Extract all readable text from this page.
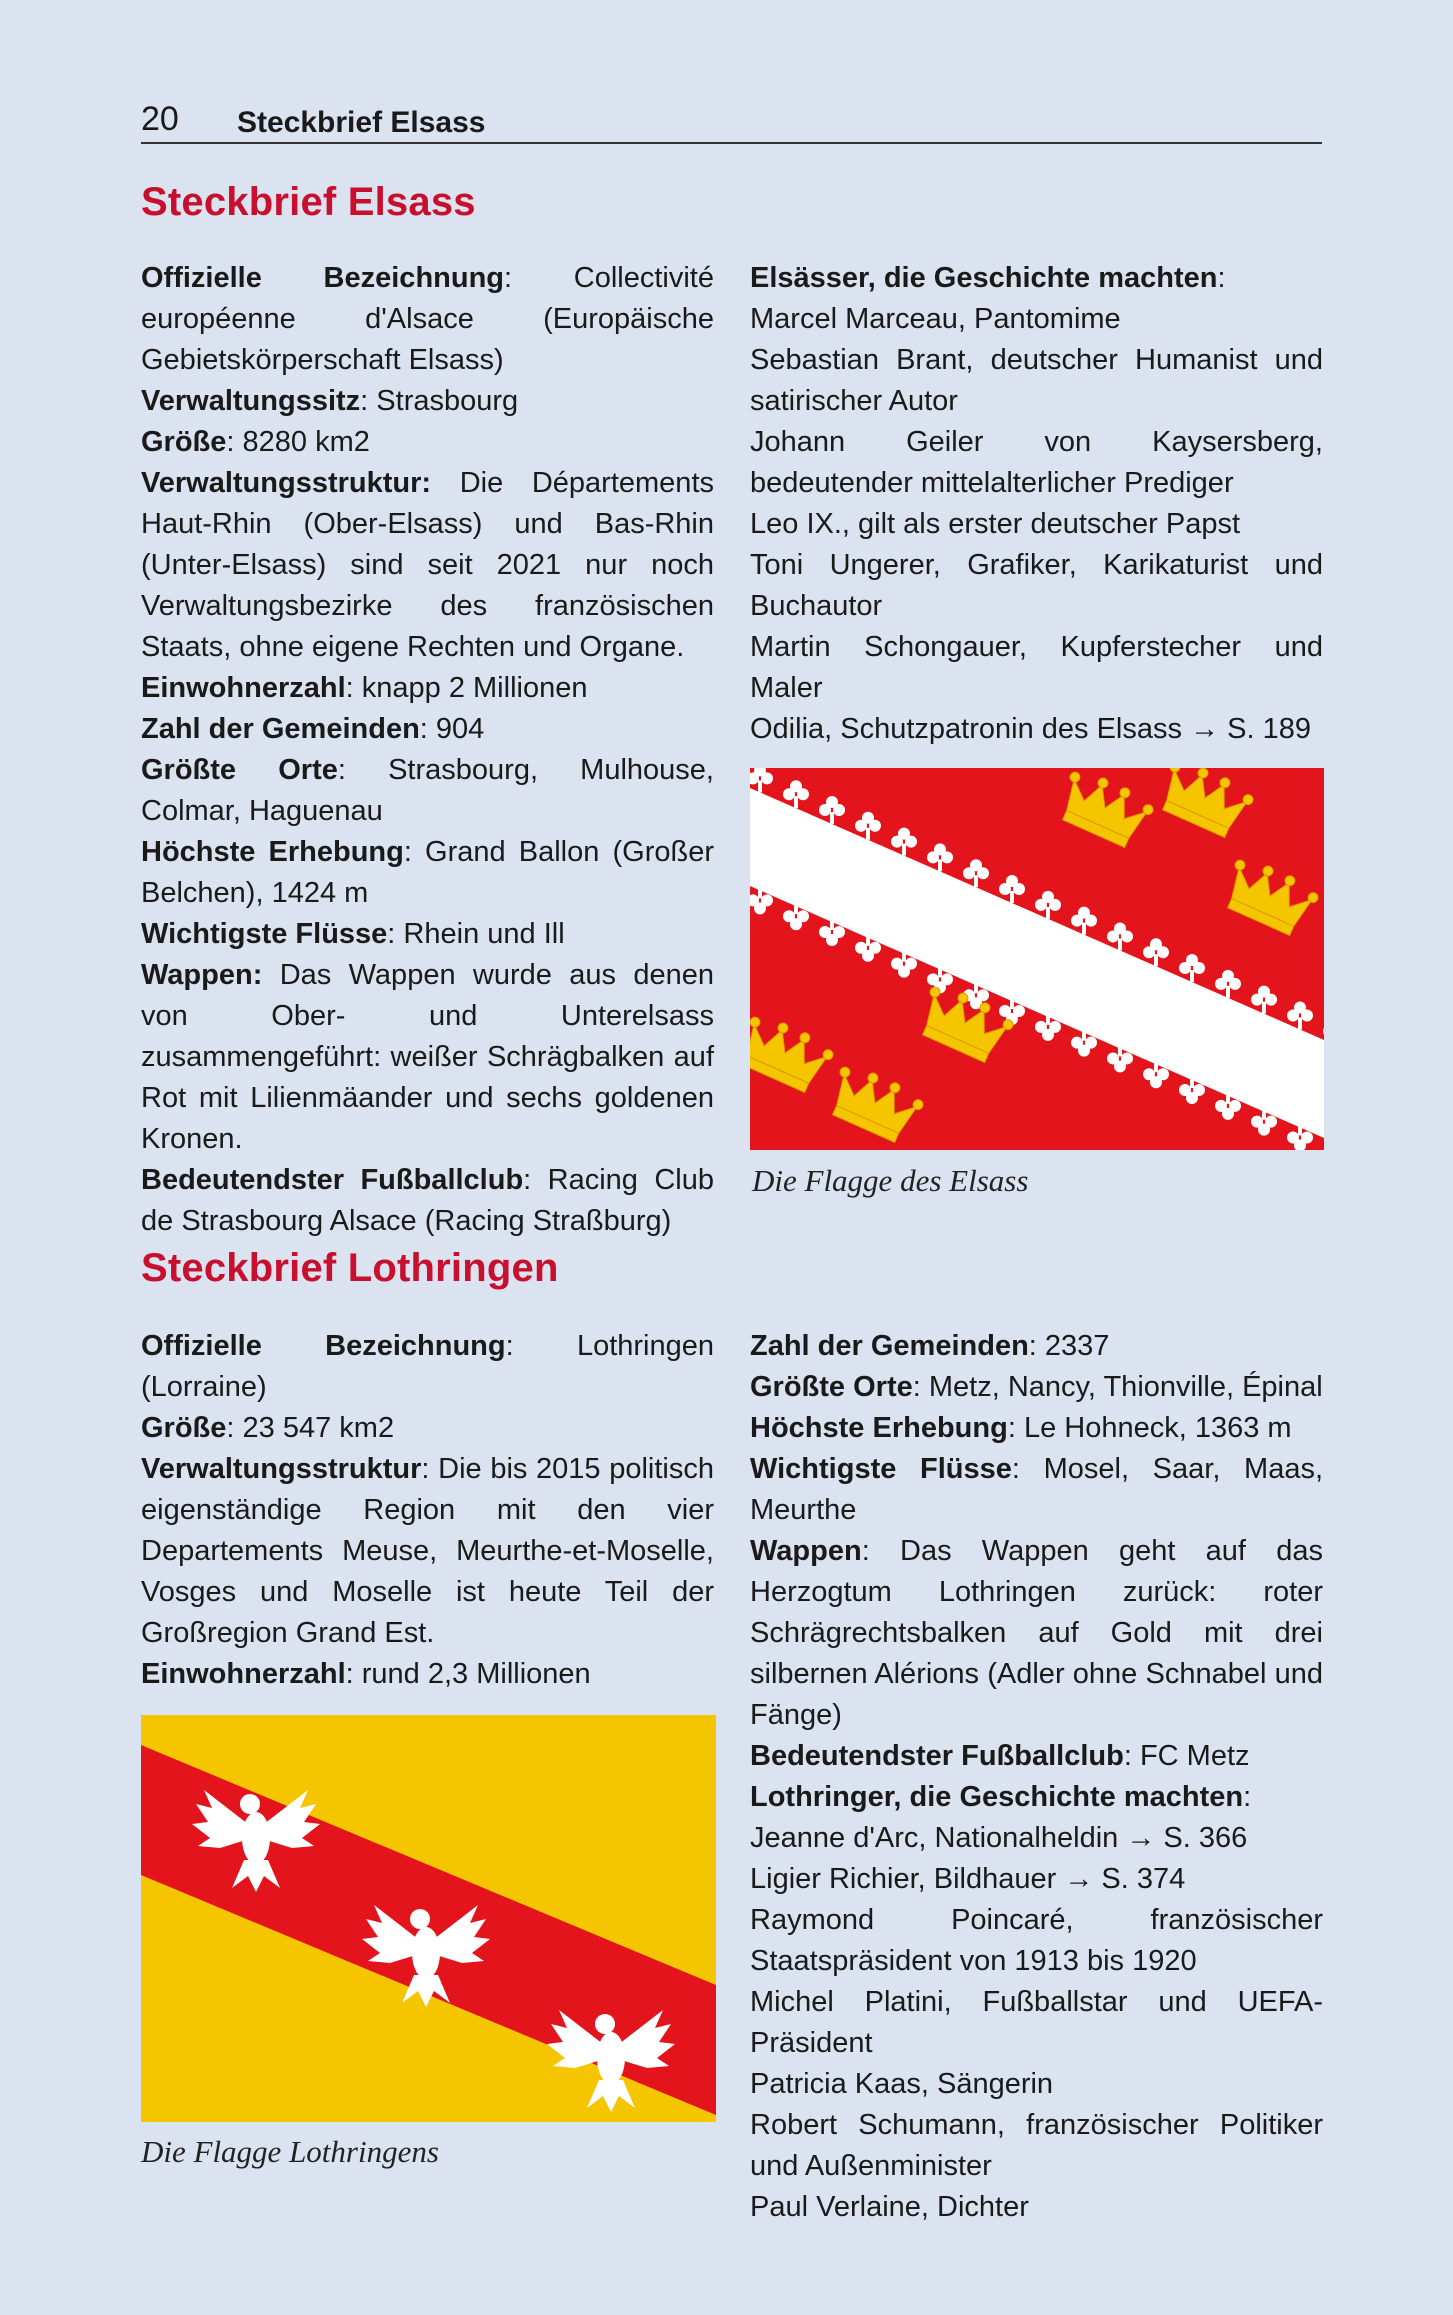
20 Steckbrief Elsass
Steckbrief Elsass

Offizielle Bezeichnung: Collectivité européenne d'Alsace (Europäische Gebietskörperschaft Elsass)

Verwaltungssitz: Strasbourg

Größe: 8280 km2

Verwaltungsstruktur: Die Départements Haut-Rhin (Ober-Elsass) und Bas-Rhin (Unter-Elsass) sind seit 2021 nur noch Verwaltungsbezirke des französischen Staats, ohne eigene Rechten und Organe.

Einwohnerzahl: knapp 2 Millionen

Zahl der Gemeinden: 904

Größte Orte: Strasbourg, Mulhouse, Colmar, Haguenau

Höchste Erhebung: Grand Ballon (Großer Belchen), 1424 m

Wichtigste Flüsse: Rhein und Ill

Wappen: Das Wappen wurde aus denen von Ober- und Unterelsass zusammengeführt: weißer Schrägbalken auf Rot mit Lilienmäander und sechs goldenen Kronen.

Bedeutendster Fußballclub: Racing Club de Strasbourg Alsace (Racing Straßburg)

Elsässer, die Geschichte machten:

Marcel Marceau, Pantomime

Sebastian Brant, deutscher Humanist und satirischer Autor

Johann Geiler von Kaysersberg, bedeutender mittelalterlicher Prediger

Leo IX., gilt als erster deutscher Papst

Toni Ungerer, Grafiker, Karikaturist und Buchautor

Martin Schongauer, Kupferstecher und Maler

Odilia, Schutzpatronin des Elsass → S. 189

Die Flagge des Elsass
Steckbrief Lothringen

Offizielle Bezeichnung: Lothringen (Lorraine)

Größe: 23 547 km2

Verwaltungsstruktur: Die bis 2015 politisch eigenständige Region mit den vier Departements Meuse, Meurthe-et-Moselle, Vosges und Moselle ist heute Teil der Großregion Grand Est.

Einwohnerzahl: rund 2,3 Millionen

Die Flagge Lothringens

Zahl der Gemeinden: 2337

Größte Orte: Metz, Nancy, Thionville, Épinal

Höchste Erhebung: Le Hohneck, 1363 m

Wichtigste Flüsse: Mosel, Saar, Maas, Meurthe

Wappen: Das Wappen geht auf das Herzogtum Lothringen zurück: roter Schrägrechtsbalken auf Gold mit drei silbernen Alérions (Adler ohne Schnabel und Fänge)

Bedeutendster Fußballclub: FC Metz

Lothringer, die Geschichte machten:

Jeanne d'Arc, Nationalheldin → S. 366

Ligier Richier, Bildhauer → S. 374

Raymond Poincaré, französischer Staatspräsident von 1913 bis 1920

Michel Platini, Fußballstar und UEFA-Präsident

Patricia Kaas, Sängerin

Robert Schumann, französischer Politiker und Außenminister

Paul Verlaine, Dichter
